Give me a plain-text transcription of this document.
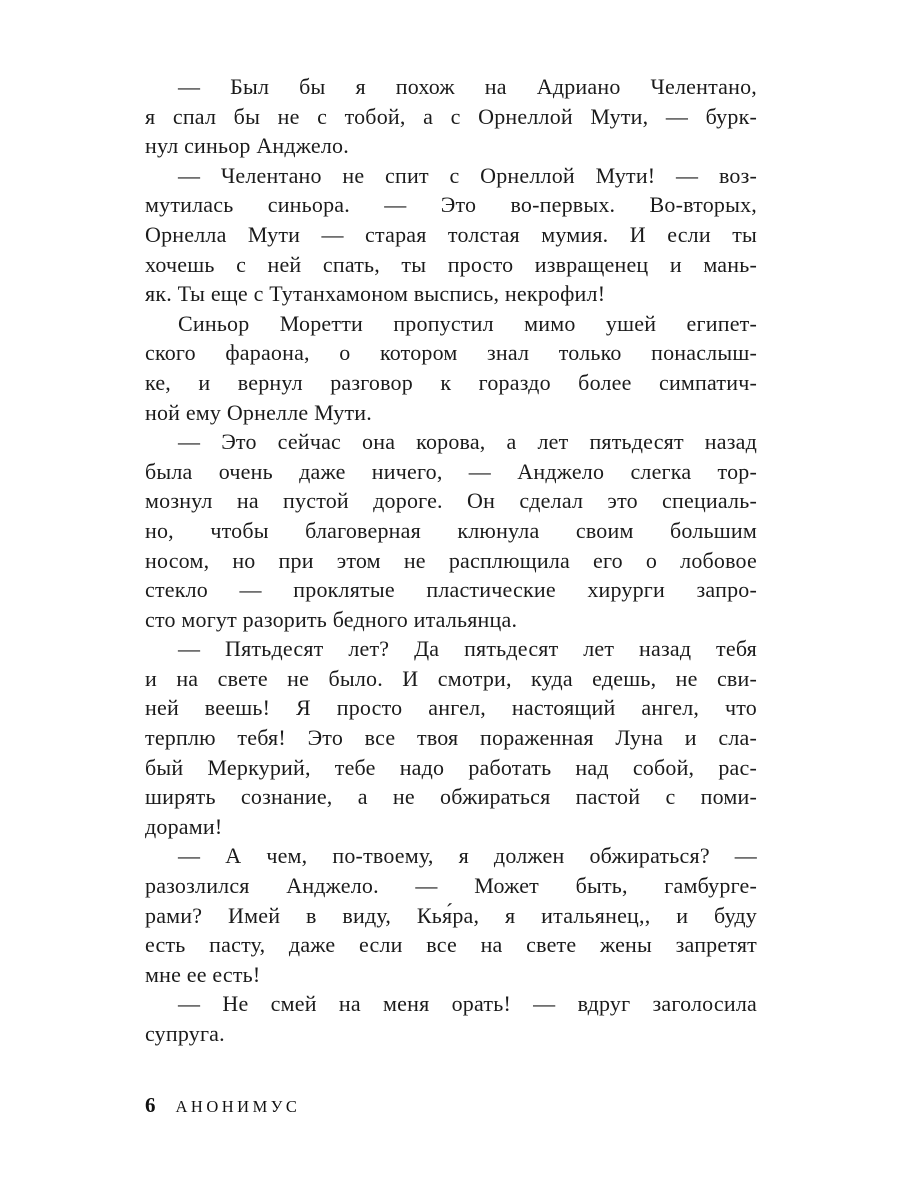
— Был бы я похож на Адриано Челентано,
я спал бы не с тобой, а с Орнеллой Мути, — бурк-
нул синьор Анджело.
— Челентано не спит с Орнеллой Мути! — воз-
мутилась синьора. — Это во-первых. Во-вторых,
Орнелла Мути — старая толстая мумия. И если ты
хочешь с ней спать, ты просто извращенец и мань-
як. Ты еще с Тутанхамоном выспись, некрофил!
Синьор Моретти пропустил мимо ушей египет-
ского фараона, о котором знал только понаслыш-
ке, и вернул разговор к гораздо более симпатич-
ной ему Орнелле Мути.
— Это сейчас она корова, а лет пятьдесят назад
была очень даже ничего, — Анджело слегка тор-
мознул на пустой дороге. Он сделал это специаль-
но, чтобы благоверная клюнула своим большим
носом, но при этом не расплющила его о лобовое
стекло — проклятые пластические хирурги запро-
сто могут разорить бедного итальянца.
— Пятьдесят лет? Да пятьдесят лет назад тебя
и на свете не было. И смотри, куда едешь, не сви-
ней веешь! Я просто ангел, настоящий ангел, что
терплю тебя! Это все твоя пораженная Луна и сла-
бый Меркурий, тебе надо работать над собой, рас-
ширять сознание, а не обжираться пастой с поми-
дорами!
— А чем, по-твоему, я должен обжираться? —
разозлился Анджело. — Может быть, гамбурге-
рами? Имей в виду, Кья́ра, я итальянец,, и буду
есть пасту, даже если все на свете жены запретят
мне ее есть!
— Не смей на меня орать! — вдруг заголосила
супруга.
6 АНОНИМУС
